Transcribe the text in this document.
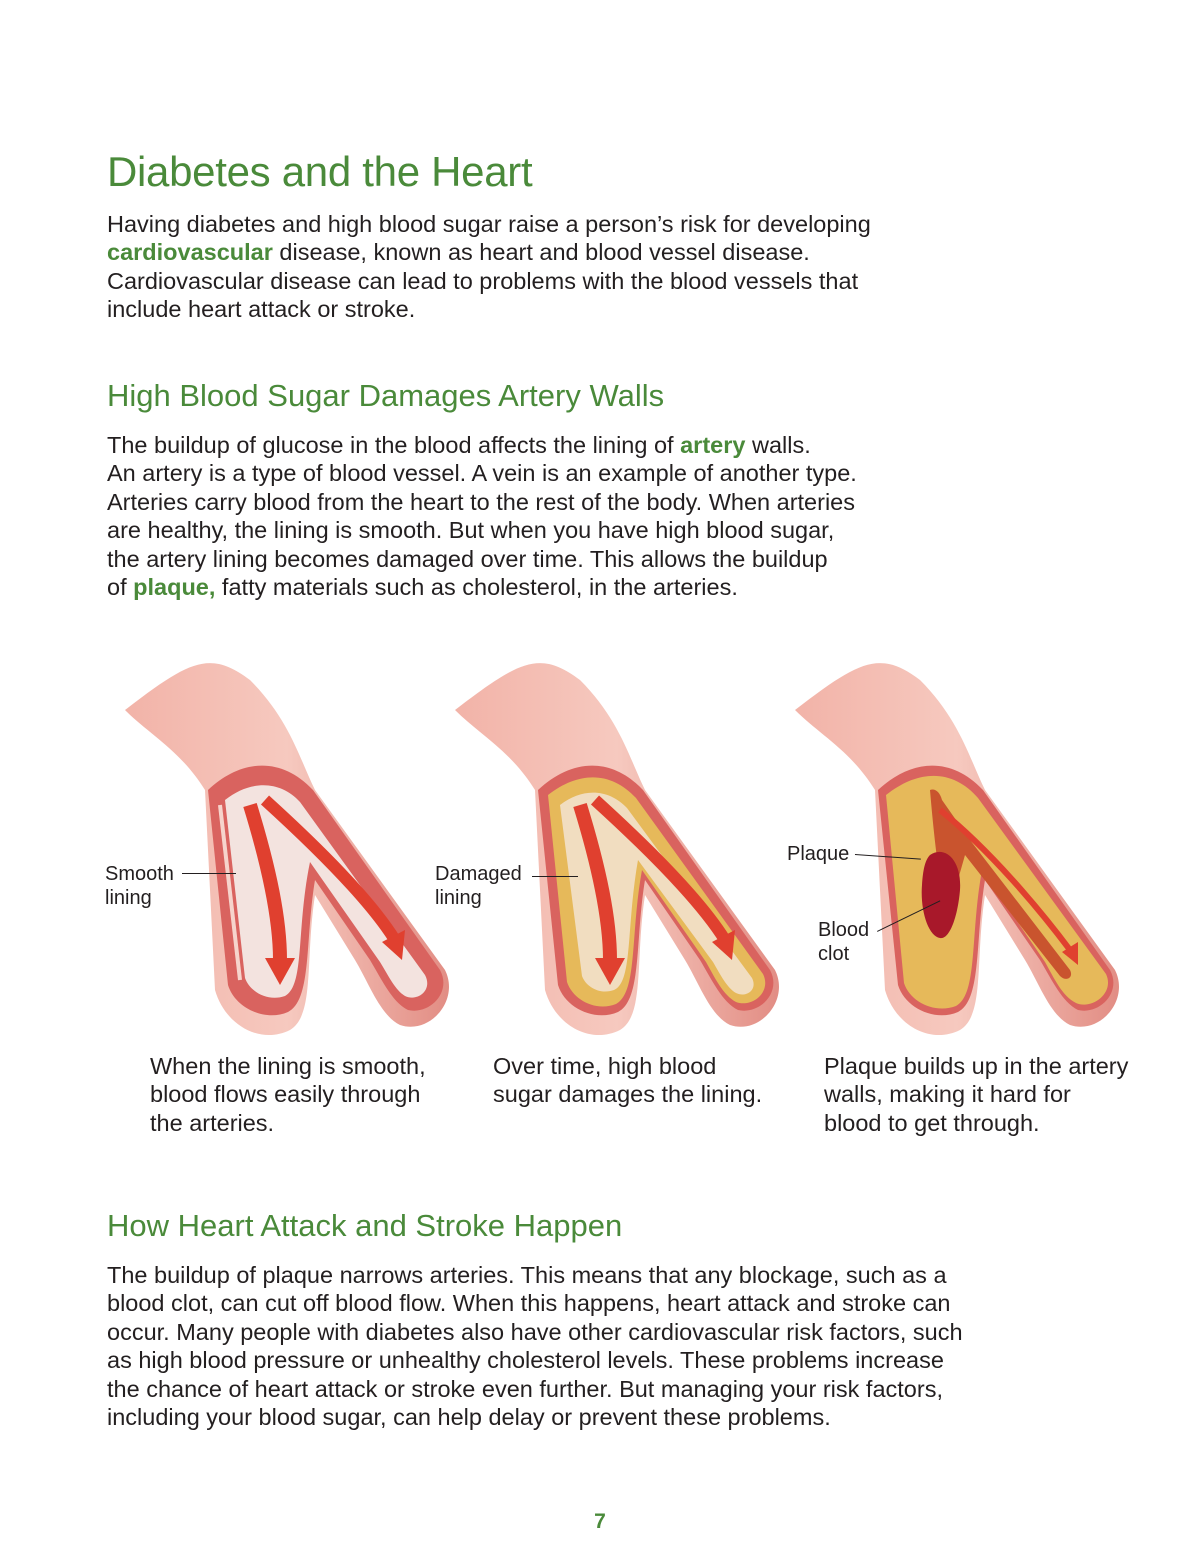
Diabetes and the Heart

Having diabetes and high blood sugar raise a person’s risk for developing
cardiovascular disease, known as heart and blood vessel disease.
Cardiovascular disease can lead to problems with the blood vessels that
include heart attack or stroke.

High Blood Sugar Damages Artery Walls

The buildup of glucose in the blood affects the lining of artery walls.
An artery is a type of blood vessel. A vein is an example of another type.
Arteries carry blood from the heart to the rest of the body. When arteries
are healthy, the lining is smooth. But when you have high blood sugar,
the artery lining becomes damaged over time. This allows the buildup
of plaque, fatty materials such as cholesterol, in the arteries.

Smooth
lining

Damaged
lining

Plaque

Blood
clot

When the lining is smooth,
blood flows easily through
the arteries.

Over time, high blood
sugar damages the lining.

Plaque builds up in the artery
walls, making it hard for
blood to get through.

How Heart Attack and Stroke Happen

The buildup of plaque narrows arteries. This means that any blockage, such as a
blood clot, can cut off blood flow. When this happens, heart attack and stroke can
occur. Many people with diabetes also have other cardiovascular risk factors, such
as high blood pressure or unhealthy cholesterol levels. These problems increase
the chance of heart attack or stroke even further. But managing your risk factors,
including your blood sugar, can help delay or prevent these problems.

7
